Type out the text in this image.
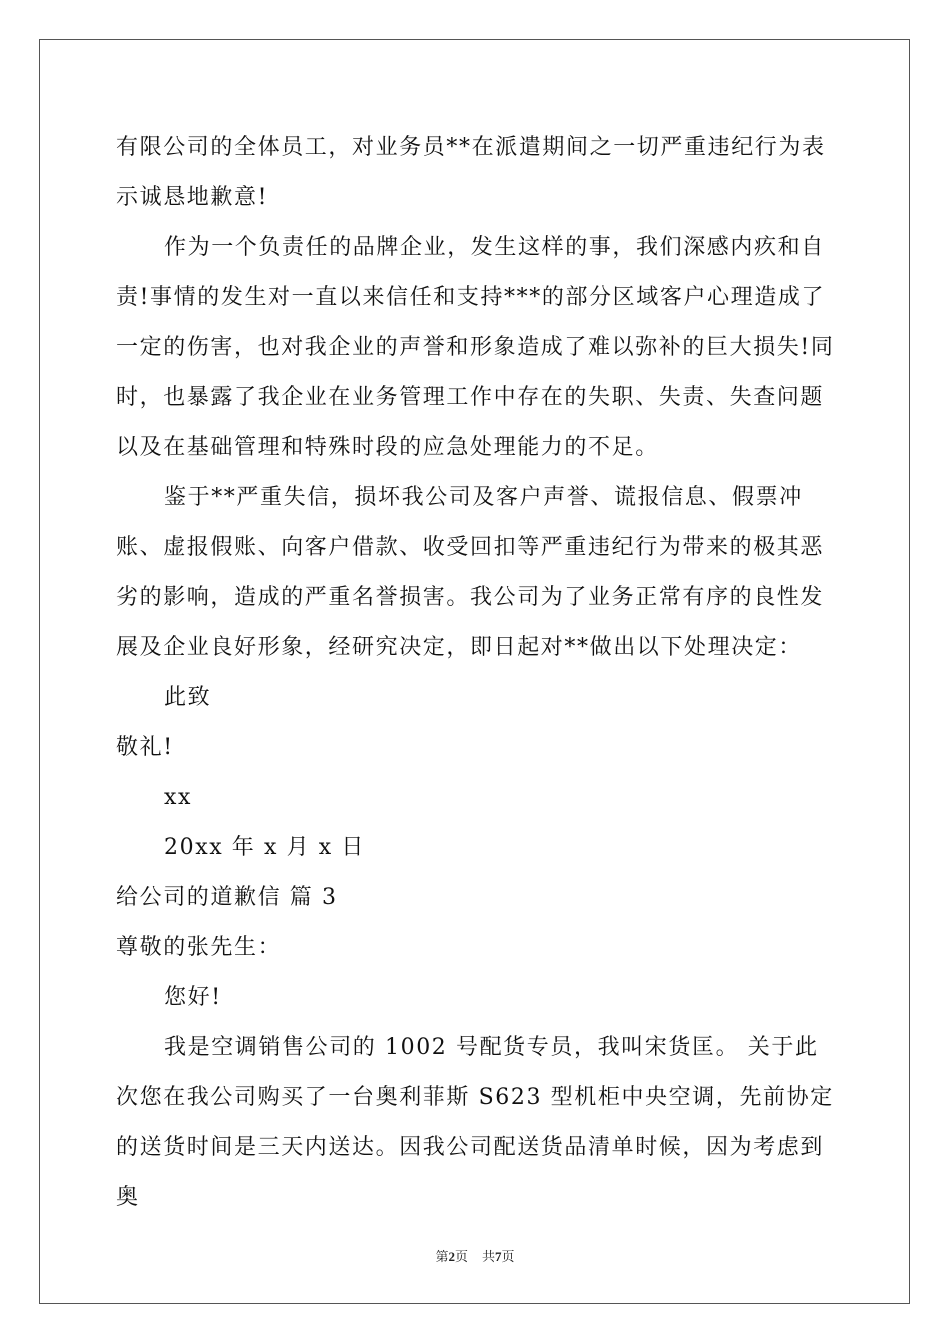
有限公司的全体员工，对业务员**在派遣期间之一切严重违纪行为表示诚恳地歉意!

作为一个负责任的品牌企业，发生这样的事，我们深感内疚和自责!事情的发生对一直以来信任和支持***的部分区域客户心理造成了一定的伤害，也对我企业的声誉和形象造成了难以弥补的巨大损失!同时，也暴露了我企业在业务管理工作中存在的失职、失责、失查问题以及在基础管理和特殊时段的应急处理能力的不足。

鉴于**严重失信，损坏我公司及客户声誉、谎报信息、假票冲账、虚报假账、向客户借款、收受回扣等严重违纪行为带来的极其恶劣的影响，造成的严重名誉损害。我公司为了业务正常有序的良性发展及企业良好形象，经研究决定，即日起对**做出以下处理决定：

此致

敬礼!

xx

20xx 年 x 月 x 日

给公司的道歉信 篇 3

尊敬的张先生：

您好!

我是空调销售公司的 1002 号配货专员，我叫宋货匡。 关于此次您在我公司购买了一台奥利菲斯 S623 型机柜中央空调，先前协定的送货时间是三天内送达。因我公司配送货品清单时候，因为考虑到奥

第2页 共7页
